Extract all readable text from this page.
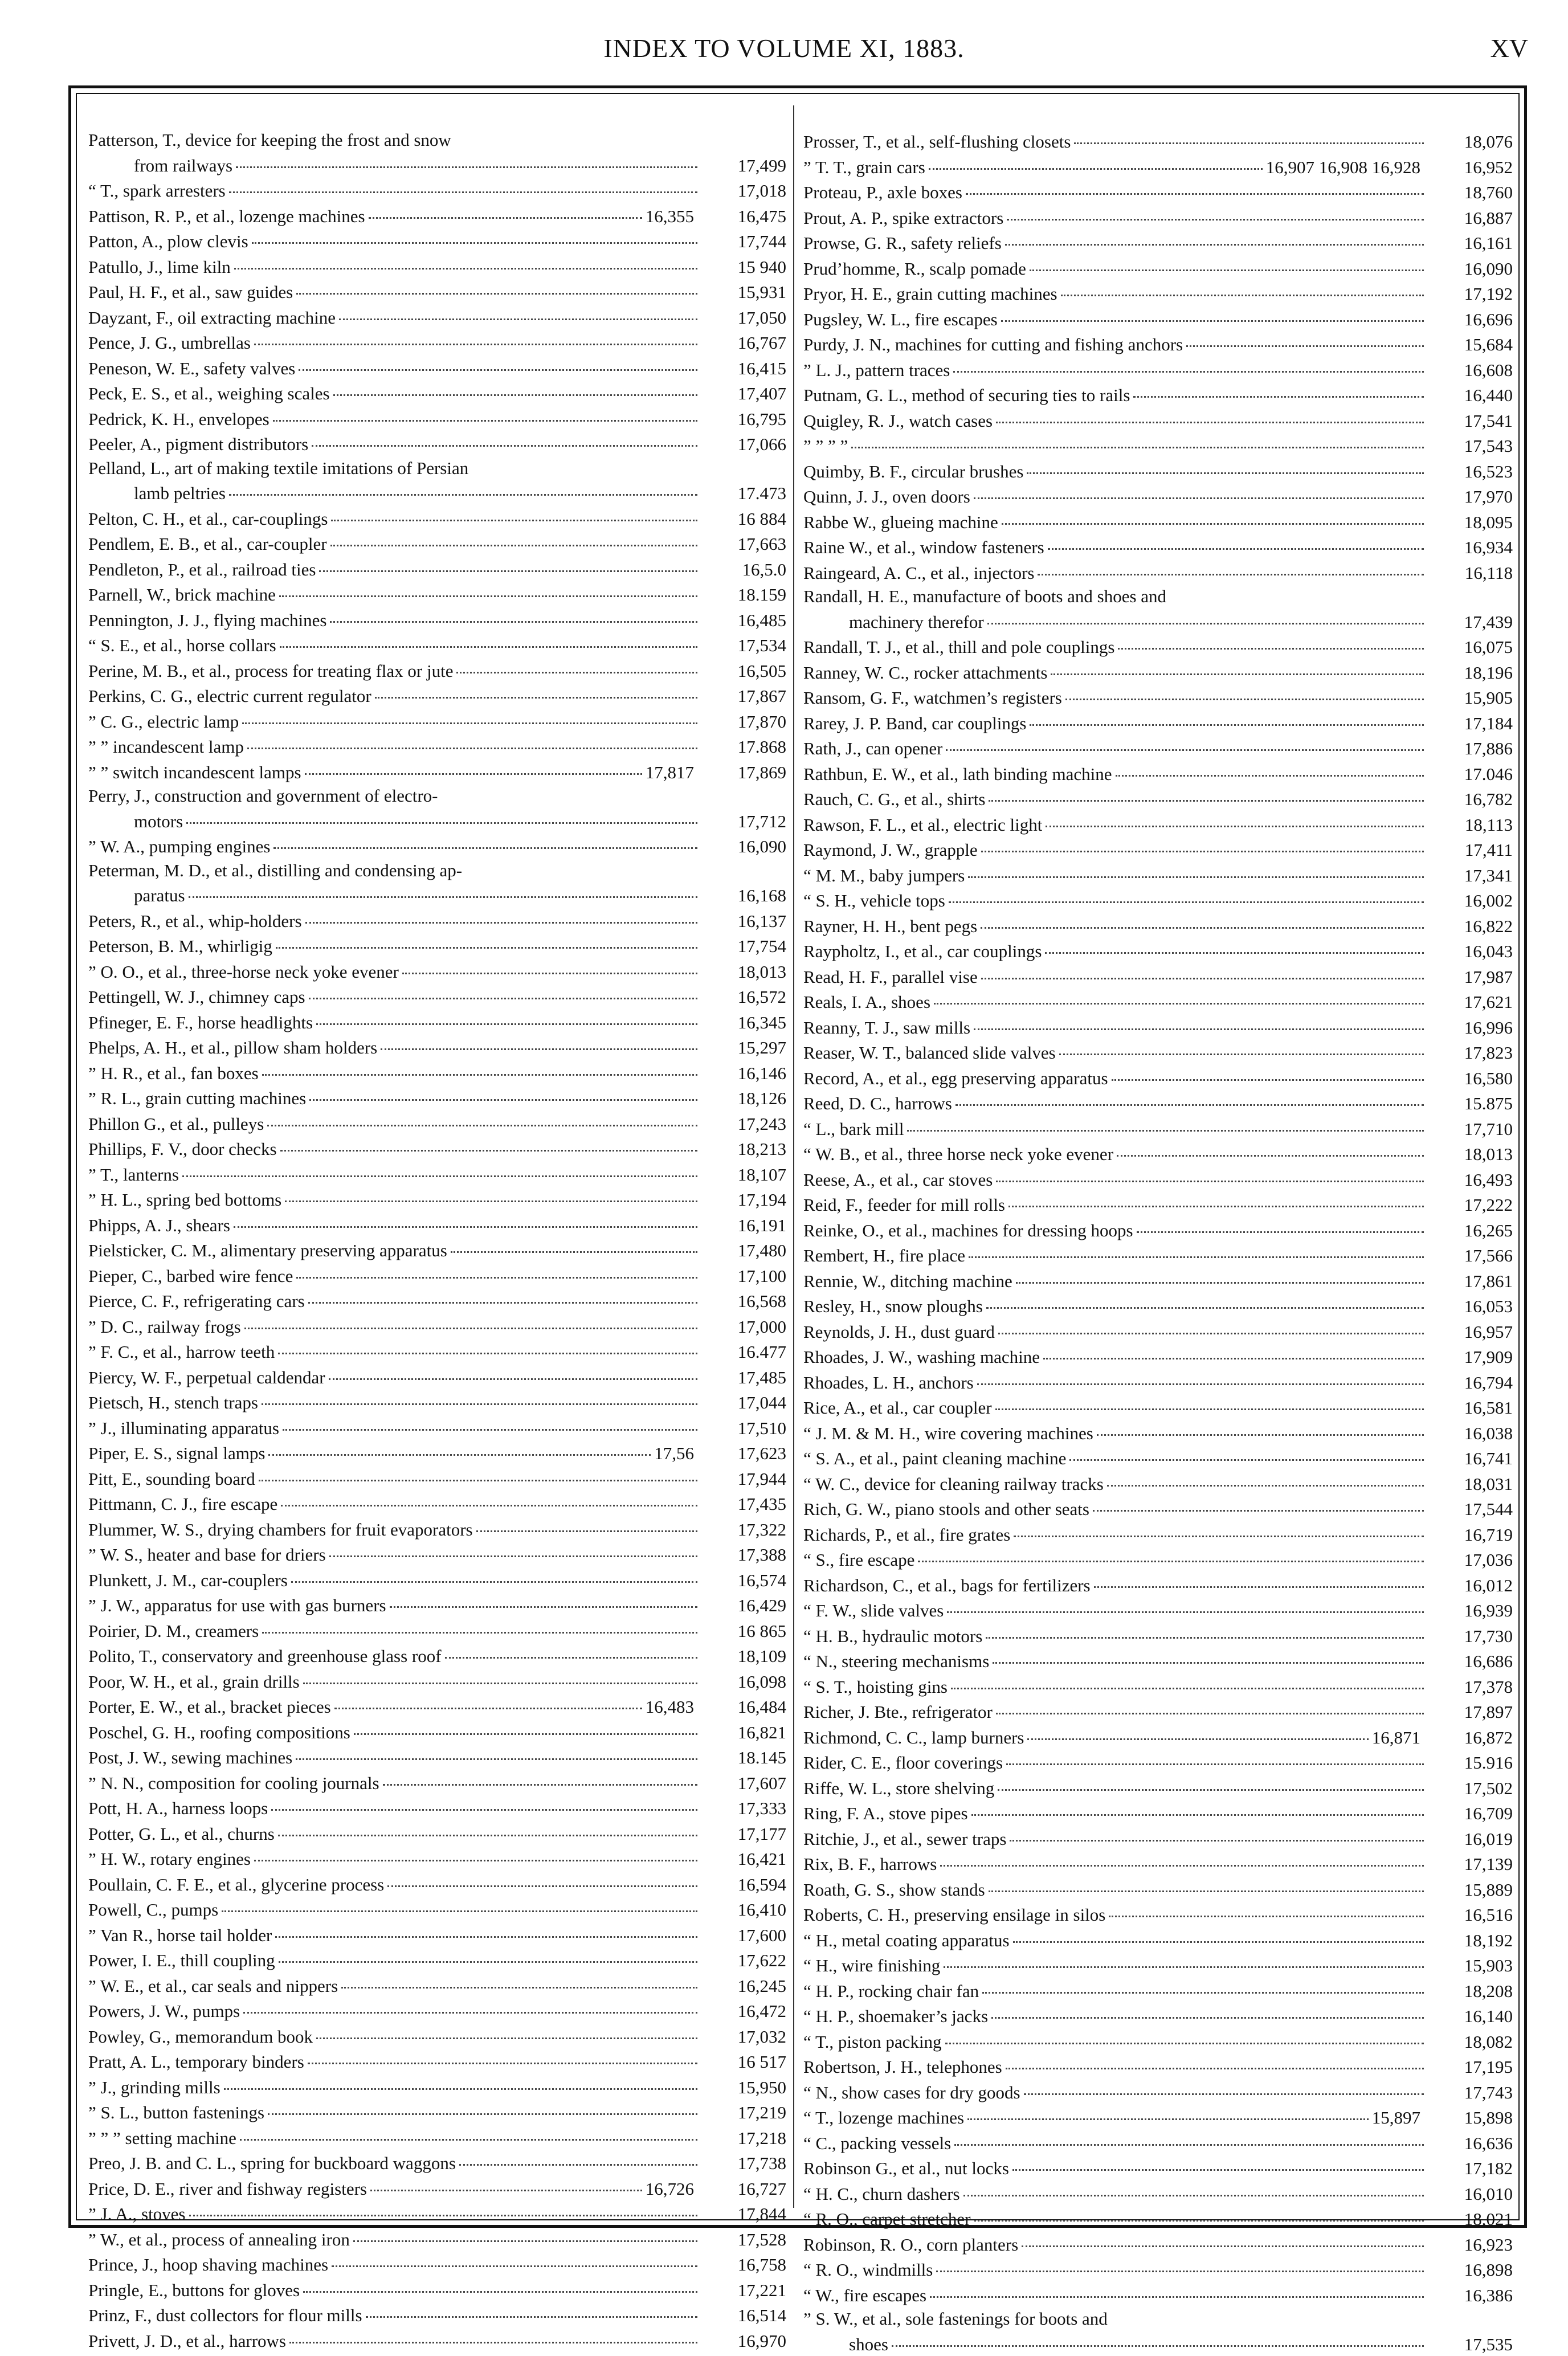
INDEX TO VOLUME XI, 1883.	XV
Patterson, T., device for keeping the frost and snow
from railways	17,499
“ T., spark arresters	17,018
Pattison, R. P., et al., lozenge machines	16,355	16,475
Patton, A., plow clevis	17,744
Patullo, J., lime kiln	15 940
Paul, H. F., et al., saw guides	15,931
Dayzant, F., oil extracting machine	17,050
Pence, J. G., umbrellas	16,767
Peneson, W. E., safety valves	16,415
Peck, E. S., et al., weighing scales	17,407
Pedrick, K. H., envelopes	16,795
Peeler, A., pigment distributors	17,066
Pelland, L., art of making textile imitations of Persian
lamb peltries	17.473
Pelton, C. H., et al., car-couplings	16 884
Pendlem, E. B., et al., car-coupler	17,663
Pendleton, P., et al., railroad ties	16,5.0
Parnell, W., brick machine	18.159
Pennington, J. J., flying machines	16,485
“ S. E., et al., horse collars	17,534
Perine, M. B., et al., process for treating flax or jute	16,505
Perkins, C. G., electric current regulator	17,867
” C. G., electric lamp	17,870
” ” incandescent lamp	17.868
” ” switch incandescent lamps	17,817	17,869
Perry, J., construction and government of electro-
motors	17,712
” W. A., pumping engines	16,090
Peterman, M. D., et al., distilling and condensing ap-
paratus	16,168
Peters, R., et al., whip-holders	16,137
Peterson, B. M., whirligig	17,754
” O. O., et al., three-horse neck yoke evener	18,013
Pettingell, W. J., chimney caps	16,572
Pfineger, E. F., horse headlights	16,345
Phelps, A. H., et al., pillow sham holders	15,297
” H. R., et al., fan boxes	16,146
” R. L., grain cutting machines	18,126
Phillon G., et al., pulleys	17,243
Phillips, F. V., door checks	18,213
” T., lanterns	18,107
” H. L., spring bed bottoms	17,194
Phipps, A. J., shears	16,191
Pielsticker, C. M., alimentary preserving apparatus	17,480
Pieper, C., barbed wire fence	17,100
Pierce, C. F., refrigerating cars	16,568
” D. C., railway frogs	17,000
” F. C., et al., harrow teeth	16.477
Piercy, W. F., perpetual caldendar	17,485
Pietsch, H., stench traps	17,044
” J., illuminating apparatus	17,510
Piper, E. S., signal lamps	17,56	17,623
Pitt, E., sounding board	17,944
Pittmann, C. J., fire escape	17,435
Plummer, W. S., drying chambers for fruit evaporators	17,322
” W. S., heater and base for driers	17,388
Plunkett, J. M., car-couplers	16,574
” J. W., apparatus for use with gas burners	16,429
Poirier, D. M., creamers	16 865
Polito, T., conservatory and greenhouse glass roof	18,109
Poor, W. H., et al., grain drills	16,098
Porter, E. W., et al., bracket pieces	16,483	16,484
Poschel, G. H., roofing compositions	16,821
Post, J. W., sewing machines	18.145
” N. N., composition for cooling journals	17,607
Pott, H. A., harness loops	17,333
Potter, G. L., et al., churns	17,177
” H. W., rotary engines	16,421
Poullain, C. F. E., et al., glycerine process	16,594
Powell, C., pumps	16,410
” Van R., horse tail holder	17,600
Power, I. E., thill coupling	17,622
” W. E., et al., car seals and nippers	16,245
Powers, J. W., pumps	16,472
Powley, G., memorandum book	17,032
Pratt, A. L., temporary binders	16 517
” J., grinding mills	15,950
” S. L., button fastenings	17,219
” ” ” setting machine	17,218
Preo, J. B. and C. L., spring for buckboard waggons	17,738
Price, D. E., river and fishway registers	16,726	16,727
” J. A., stoves	17,844
” W., et al., process of annealing iron	17,528
Prince, J., hoop shaving machines	16,758
Pringle, E., buttons for gloves	17,221
Prinz, F., dust collectors for flour mills	16,514
Privett, J. D., et al., harrows	16,970
Prosser, T., et al., self-flushing closets	18,076
” T. T., grain cars	16,907 16,908 16,928	16,952
Proteau, P., axle boxes	18,760
Prout, A. P., spike extractors	16,887
Prowse, G. R., safety reliefs	16,161
Prud’homme, R., scalp pomade	16,090
Pryor, H. E., grain cutting machines	17,192
Pugsley, W. L., fire escapes	16,696
Purdy, J. N., machines for cutting and fishing anchors	15,684
” L. J., pattern traces	16,608
Putnam, G. L., method of securing ties to rails	16,440
Quigley, R. J., watch cases	17,541
” ” ” ”	17,543
Quimby, B. F., circular brushes	16,523
Quinn, J. J., oven doors	17,970
Rabbe W., glueing machine	18,095
Raine W., et al., window fasteners	16,934
Raingeard, A. C., et al., injectors	16,118
Randall, H. E., manufacture of boots and shoes and
machinery therefor	17,439
Randall, T. J., et al., thill and pole couplings	16,075
Ranney, W. C., rocker attachments	18,196
Ransom, G. F., watchmen’s registers	15,905
Rarey, J. P. Band, car couplings	17,184
Rath, J., can opener	17,886
Rathbun, E. W., et al., lath binding machine	17.046
Rauch, C. G., et al., shirts	16,782
Rawson, F. L., et al., electric light	18,113
Raymond, J. W., grapple	17,411
“ M. M., baby jumpers	17,341
“ S. H., vehicle tops	16,002
Rayner, H. H., bent pegs	16,822
Raypholtz, I., et al., car couplings	16,043
Read, H. F., parallel vise	17,987
Reals, I. A., shoes	17,621
Reanny, T. J., saw mills	16,996
Reaser, W. T., balanced slide valves	17,823
Record, A., et al., egg preserving apparatus	16,580
Reed, D. C., harrows	15.875
“ L., bark mill	17,710
“ W. B., et al., three horse neck yoke evener	18,013
Reese, A., et al., car stoves	16,493
Reid, F., feeder for mill rolls	17,222
Reinke, O., et al., machines for dressing hoops	16,265
Rembert, H., fire place	17,566
Rennie, W., ditching machine	17,861
Resley, H., snow ploughs	16,053
Reynolds, J. H., dust guard	16,957
Rhoades, J. W., washing machine	17,909
Rhoades, L. H., anchors	16,794
Rice, A., et al., car coupler	16,581
“ J. M. & M. H., wire covering machines	16,038
“ S. A., et al., paint cleaning machine	16,741
“ W. C., device for cleaning railway tracks	18,031
Rich, G. W., piano stools and other seats	17,544
Richards, P., et al., fire grates	16,719
“ S., fire escape	17,036
Richardson, C., et al., bags for fertilizers	16,012
“ F. W., slide valves	16,939
“ H. B., hydraulic motors	17,730
“ N., steering mechanisms	16,686
“ S. T., hoisting gins	17,378
Richer, J. Bte., refrigerator	17,897
Richmond, C. C., lamp burners	16,871	16,872
Rider, C. E., floor coverings	15.916
Riffe, W. L., store shelving	17,502
Ring, F. A., stove pipes	16,709
Ritchie, J., et al., sewer traps	16,019
Rix, B. F., harrows	17,139
Roath, G. S., show stands	15,889
Roberts, C. H., preserving ensilage in silos	16,516
“ H., metal coating apparatus	18,192
“ H., wire finishing	15,903
“ H. P., rocking chair fan	18,208
“ H. P., shoemaker’s jacks	16,140
“ T., piston packing	18,082
Robertson, J. H., telephones	17,195
“ N., show cases for dry goods	17,743
“ T., lozenge machines	15,897	15,898
“ C., packing vessels	16,636
Robinson G., et al., nut locks	17,182
“ H. C., churn dashers	16,010
“ R. O., carpet stretcher	18,021
Robinson, R. O., corn planters	16,923
“ R. O., windmills	16,898
“ W., fire escapes	16,386
” S. W., et al., sole fastenings for boots and
shoes	17,535
